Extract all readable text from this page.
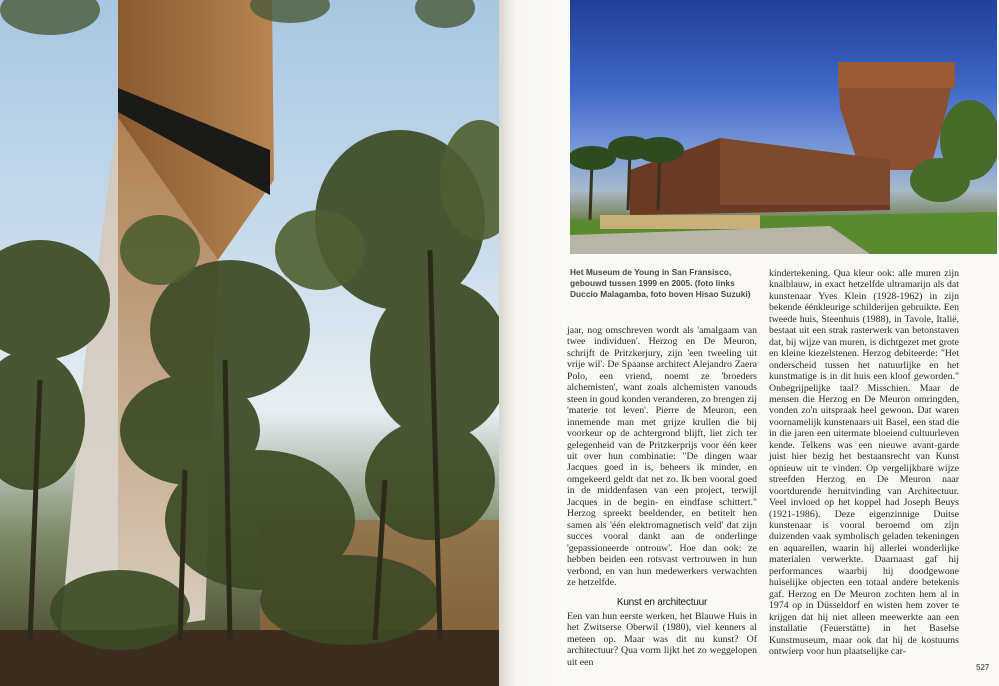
Het Museum de Young in San Fransisco, gebouwd tussen 1999 en 2005. (foto links Duccio Malagamba, foto boven Hisao Suzuki)

jaar, nog omschreven wordt als 'amalgaam van twee individuen'. Herzog en De Meuron, schrijft de Pritzkerjury, zijn 'een tweeling uit vrije wil'. De Spaanse architect Alejandro Zaera Polo, een vriend, noemt ze 'broeders alchemisten', want zoals alchemisten vanouds steen in goud konden veranderen, zo brengen zij 'materie tot leven'. Pierre de Meuron, een innemende man met grijze krullen die bij voorkeur op de achtergrond blijft, liet zich ter gelegenheid van de Pritzkerprijs voor één keer uit over hun combinatie: "De dingen waar Jacques goed in is, beheers ik minder, en omgekeerd geldt dat net zo. Ik ben vooral goed in de middenfasen van een project, terwijl Jacques in de begin- en eindfase schittert." Herzog spreekt beeldender, en betitelt hen samen als 'één elektromagnetisch veld' dat zijn succes vooral dankt aan de onderlinge 'gepassioneerde ontrouw'. Hoe dan ook: ze hebben beiden een rotsvast vertrouwen in hun verbond, en van hun medewerkers verwachten ze hetzelfde.

Kunst en architectuur

Een van hun eerste werken, het Blauwe Huis in het Zwitserse Oberwil (1980), viel kenners al meteen op. Maar was dit nu kunst? Of architectuur? Qua vorm lijkt het zo weggelopen uit een

kindertekening. Qua kleur ook: alle muren zijn knalblauw, in exact hetzelfde ultramarijn als dat kunstenaar Yves Klein (1928-1962) in zijn bekende éénkleurige schilderijen gebruikte. Een tweede huis, Steenhuis (1988), in Tavole, Italië, bestaat uit een strak rasterwerk van betonstaven dat, bij wijze van muren, is dichtgezet met grote en kleine kiezelstenen. Herzog debiteerde: "Het onderscheid tussen het natuurlijke en het kunstmatige is in dit huis een kloof geworden." Onbegrijpelijke taal? Misschien. Maar de mensen die Herzog en De Meuron omringden, vonden zo'n uitspraak heel gewoon. Dat waren voornamelijk kunstenaars uit Basel, een stad die in die jaren een uitermate bloeiend cultuurleven kende. Telkens was een nieuwe avant-garde juist hier bezig het bestaansrecht van Kunst opnieuw uit te vinden. Op vergelijkbare wijze streefden Herzog en De Meuron naar voortdurende heruitvinding van Architectuur. Veel invloed op het koppel had Joseph Beuys (1921-1986). Deze eigenzinnige Duitse kunstenaar is vooral beroemd om zijn duizenden vaak symbolisch geladen tekeningen en aquarellen, waarin hij allerlei wonderlijke materialen verwerkte. Daarnaast gaf hij performances waarbij hij doodgewone huiselijke objecten een totaal andere betekenis gaf. Herzog en De Meuron zochten hem al in 1974 op in Düsseldorf en wisten hem zover te krijgen dat hij niet alleen meewerkte aan een installatie (Feuerstätte) in het Baselse Kunstmuseum, maar ook dat hij de kostuums ontwierp voor hun plaatselijke car-

527
